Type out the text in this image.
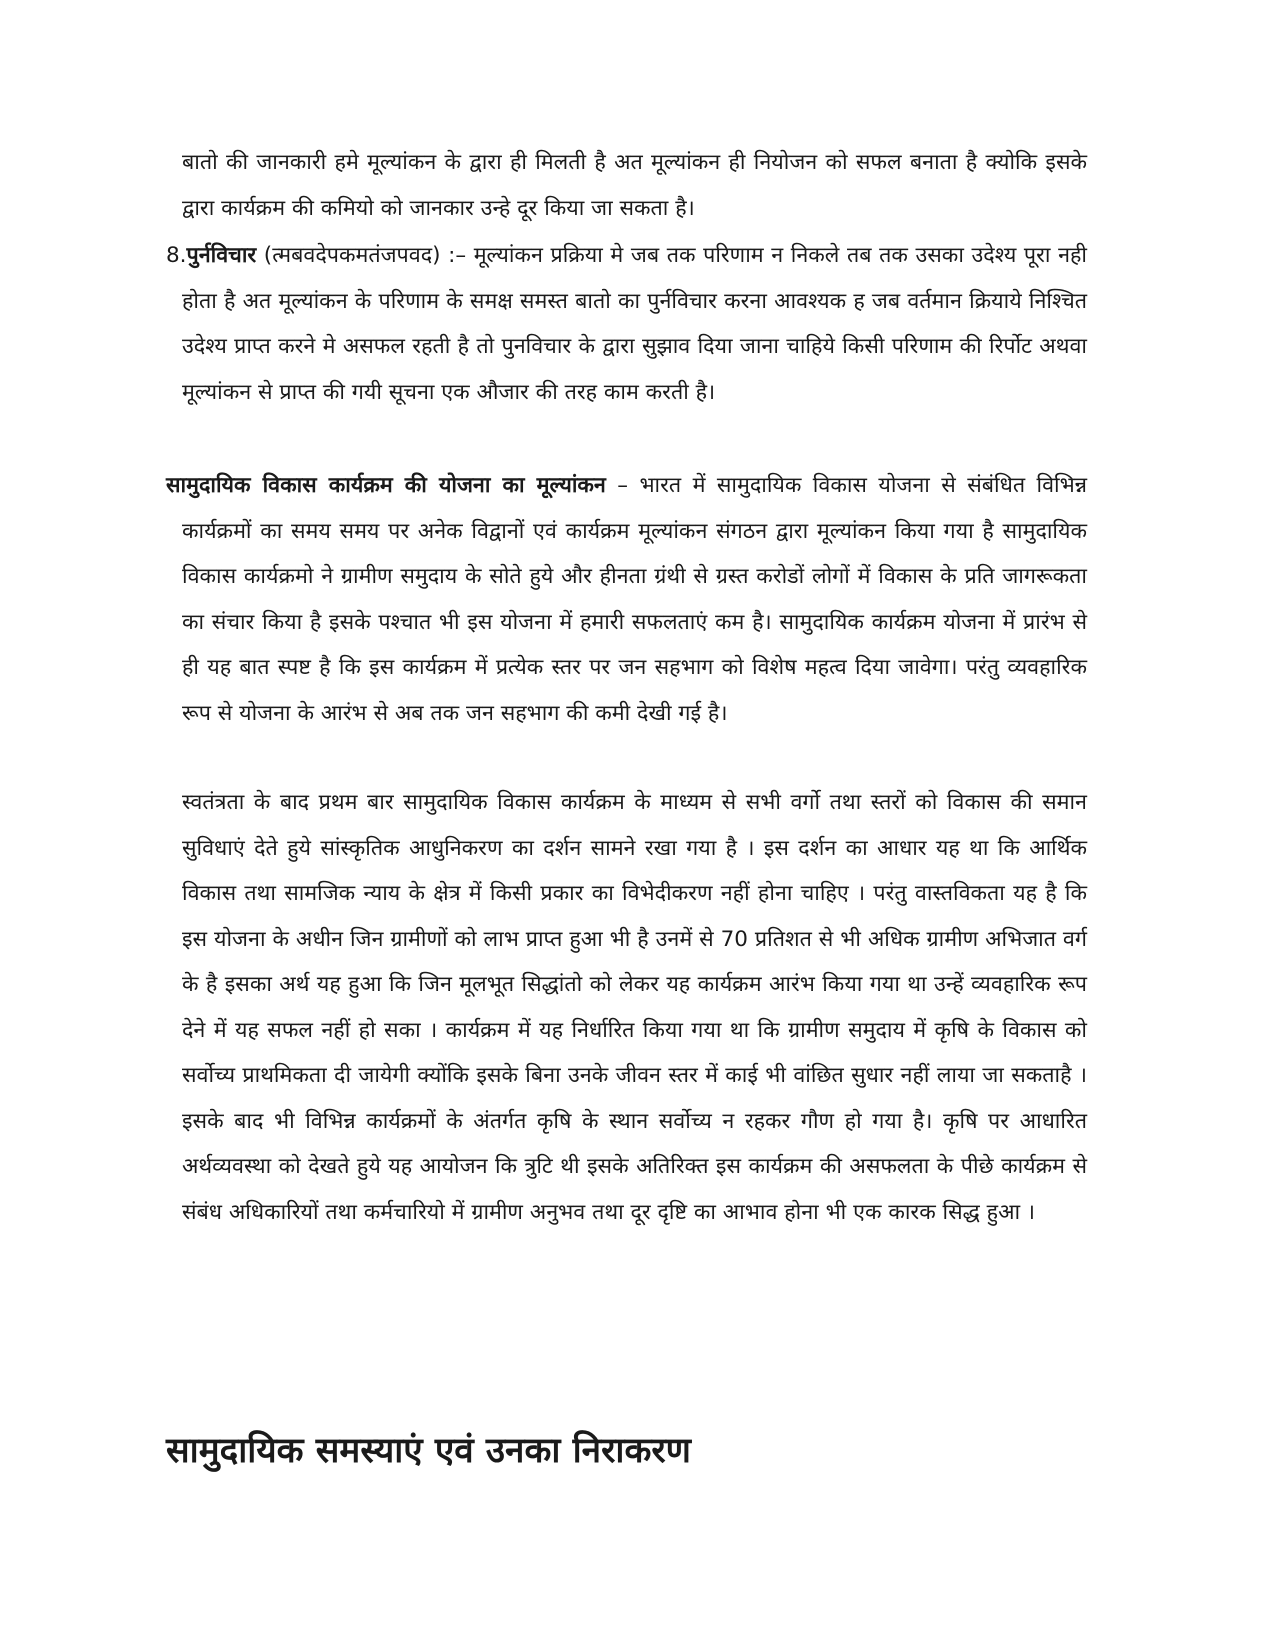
बातो की जानकारी हमे मूल्यांकन के द्वारा ही मिलती है अत मूल्यांकन ही नियोजन को सफल बनाता है क्योकि इसके द्वारा कार्यक्रम की कमियो को जानकार उन्हे दूर किया जा सकता है।

8.पुर्नविचार (त्मबवदेपकमतंजपवद) :– मूल्यांकन प्रक्रिया मे जब तक परिणाम न निकले तब तक उसका उदेश्य पूरा नही होता है अत मूल्यांकन के परिणाम के समक्ष समस्त बातो का पुर्नविचार करना आवश्यक ह जब वर्तमान क्रियाये निश्चित उदेश्य प्राप्त करने मे असफल रहती है तो पुनविचार के द्वारा सुझाव दिया जाना चाहिये किसी परिणाम की रिर्पोट अथवा मूल्यांकन से प्राप्त की गयी सूचना एक औजार की तरह काम करती है।

सामुदायिक विकास कार्यक्रम की योजना का मूल्यांकन – भारत में सामुदायिक विकास योजना से संबंधित विभिन्न कार्यक्रमों का समय समय पर अनेक विद्वानों एवं कार्यक्रम मूल्यांकन संगठन द्वारा मूल्यांकन किया गया है सामुदायिक विकास कार्यक्रमो ने ग्रामीण समुदाय के सोते हुये और हीनता ग्रंथी से ग्रस्त करोडों लोगों में विकास के प्रति जागरूकता का संचार किया है इसके पश्चात भी इस योजना में हमारी सफलताएं कम है। सामुदायिक कार्यक्रम योजना में प्रारंभ से ही यह बात स्पष्ट है कि इस कार्यक्रम में प्रत्येक स्तर पर जन सहभाग को विशेष महत्व दिया जावेगा। परंतु व्यवहारिक रूप से योजना के आरंभ से अब तक जन सहभाग की कमी देखी गई है।

स्वतंत्रता के बाद प्रथम बार सामुदायिक विकास कार्यक्रम के माध्यम से सभी वर्गो तथा स्तरों को विकास की समान सुविधाएं देते हुये सांस्कृतिक आधुनिकरण का दर्शन सामने रखा गया है । इस दर्शन का आधार यह था कि आर्थिक विकास तथा सामजिक न्याय के क्षेत्र में किसी प्रकार का विभेदीकरण नहीं होना चाहिए । परंतु वास्तविकता यह है कि इस योजना के अधीन जिन ग्रामीणों को लाभ प्राप्त हुआ भी है उनमें से 70 प्रतिशत से भी अधिक ग्रामीण अभिजात वर्ग के है इसका अर्थ यह हुआ कि जिन मूलभूत सिद्धांतो को लेकर यह कार्यक्रम आरंभ किया गया था उन्हें व्यवहारिक रूप देने में यह सफल नहीं हो सका । कार्यक्रम में यह निर्धारित किया गया था कि ग्रामीण समुदाय में कृषि के विकास को सर्वोच्य प्राथमिकता दी जायेगी क्योंकि इसके बिना उनके जीवन स्तर में काई भी वांछित सुधार नहीं लाया जा सकताहै । इसके बाद भी विभिन्न कार्यक्रमों के अंतर्गत कृषि के स्थान सर्वोच्य न रहकर गौण हो गया है। कृषि पर आधारित अर्थव्यवस्था को देखते हुये यह आयोजन कि त्रुटि थी इसके अतिरिक्त इस कार्यक्रम की असफलता के पीछे कार्यक्रम से संबंध अधिकारियों तथा कर्मचारियो में ग्रामीण अनुभव तथा दूर दृष्टि का आभाव होना भी एक कारक सिद्ध हुआ ।

सामुदायिक समस्याएं एवं उनका निराकरण
